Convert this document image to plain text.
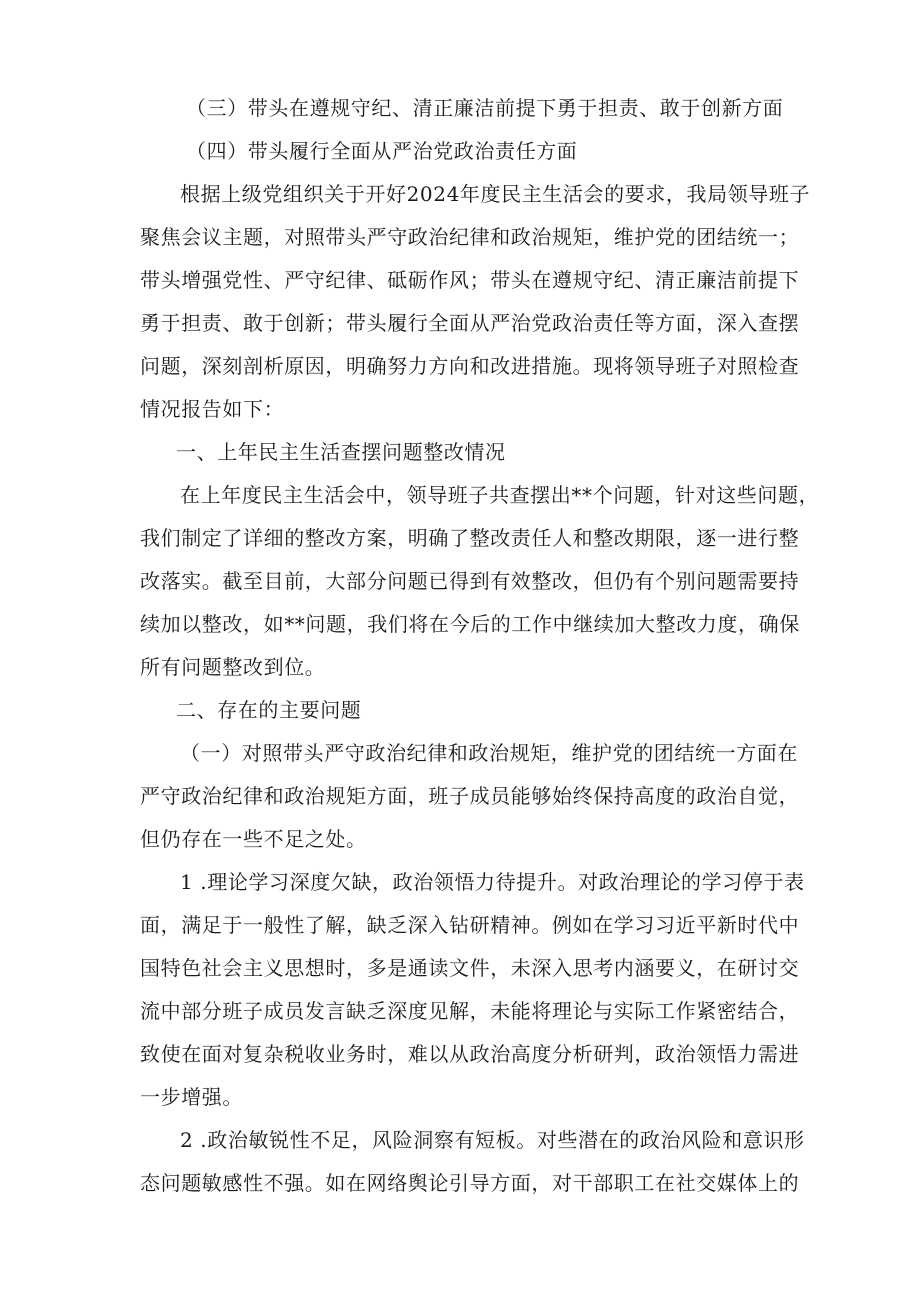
（三）带头在遵规守纪、清正廉洁前提下勇于担责、敢于创新方面
（四）带头履行全面从严治党政治责任方面
根据上级党组织关于开好2024年度民主生活会的要求，我局领导班子
聚焦会议主题，对照带头严守政治纪律和政治规矩，维护党的团结统一；
带头增强党性、严守纪律、砥砺作风；带头在遵规守纪、清正廉洁前提下
勇于担责、敢于创新；带头履行全面从严治党政治责任等方面，深入查摆
问题，深刻剖析原因，明确努力方向和改进措施。现将领导班子对照检查
情况报告如下：
一、上年民主生活查摆问题整改情况
在上年度民主生活会中，领导班子共查摆出**个问题，针对这些问题，
我们制定了详细的整改方案，明确了整改责任人和整改期限，逐一进行整
改落实。截至目前，大部分问题已得到有效整改，但仍有个别问题需要持
续加以整改，如**问题，我们将在今后的工作中继续加大整改力度，确保
所有问题整改到位。
二、存在的主要问题
（一）对照带头严守政治纪律和政治规矩，维护党的团结统一方面在
严守政治纪律和政治规矩方面，班子成员能够始终保持高度的政治自觉，
但仍存在一些不足之处。
1 .理论学习深度欠缺，政治领悟力待提升。对政治理论的学习停于表
面，满足于一般性了解，缺乏深入钻研精神。例如在学习习近平新时代中
国特色社会主义思想时，多是通读文件，未深入思考内涵要义，在研讨交
流中部分班子成员发言缺乏深度见解，未能将理论与实际工作紧密结合，
致使在面对复杂税收业务时，难以从政治高度分析研判，政治领悟力需进
一步增强。
2 .政治敏锐性不足，风险洞察有短板。对些潜在的政治风险和意识形
态问题敏感性不强。如在网络舆论引导方面，对干部职工在社交媒体上的
